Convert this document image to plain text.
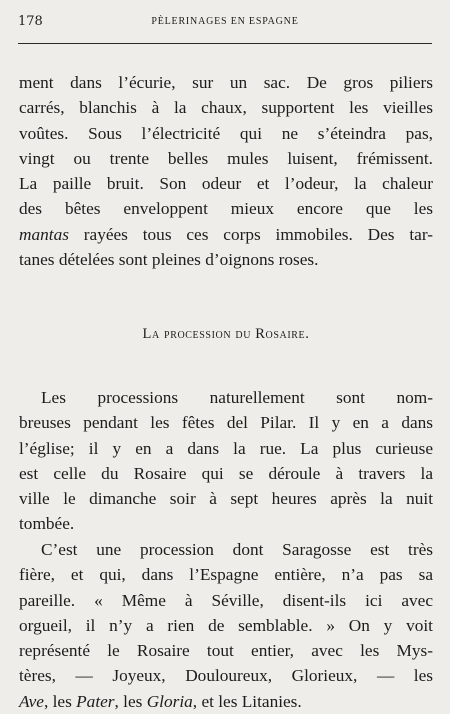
178	PÈLERINAGES EN ESPAGNE

ment dans l’écurie, sur un sac. De gros piliers
carrés, blanchis à la chaux, supportent les vieilles
voûtes. Sous l’électricité qui ne s’éteindra pas,
vingt ou trente belles mules luisent, frémissent.
La paille bruit. Son odeur et l’odeur, la chaleur
des bêtes enveloppent mieux encore que les
mantas rayées tous ces corps immobiles. Des tar-
tanes dételées sont pleines d’oignons roses.

La procession du Rosaire.

Les processions naturellement sont nom-
breuses pendant les fêtes del Pilar. Il y en a dans
l’église; il y en a dans la rue. La plus curieuse
est celle du Rosaire qui se déroule à travers la
ville le dimanche soir à sept heures après la nuit
tombée.

C’est une procession dont Saragosse est très
fière, et qui, dans l’Espagne entière, n’a pas sa
pareille. « Même à Séville, disent-ils ici avec
orgueil, il n’y a rien de semblable. » On y voit
représenté le Rosaire tout entier, avec les Mys-
tères, — Joyeux, Douloureux, Glorieux, — les
Ave, les Pater, les Gloria, et les Litanies.
